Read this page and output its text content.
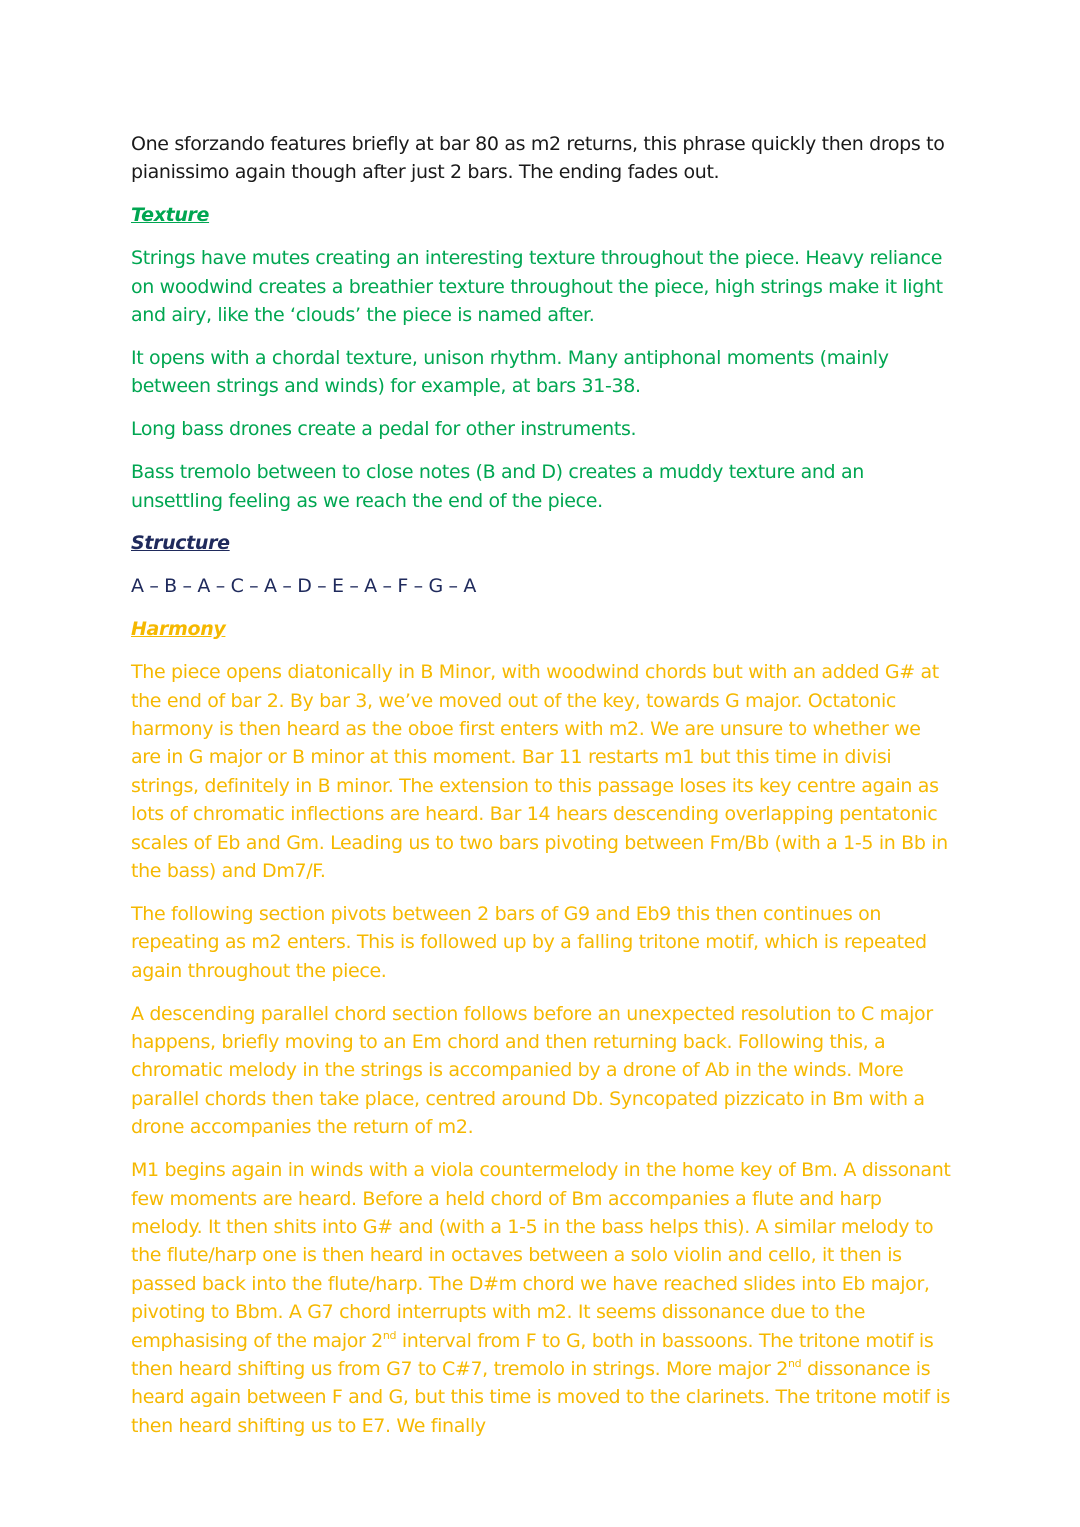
One sforzando features briefly at bar 80 as m2 returns, this phrase quickly then drops to pianissimo again though after just 2 bars. The ending fades out.

Texture

Strings have mutes creating an interesting texture throughout the piece. Heavy reliance on woodwind creates a breathier texture throughout the piece, high strings make it light and airy, like the ‘clouds’ the piece is named after.

It opens with a chordal texture, unison rhythm. Many antiphonal moments (mainly between strings and winds) for example, at bars 31-38.

Long bass drones create a pedal for other instruments.

Bass tremolo between to close notes (B and D) creates a muddy texture and an unsettling feeling as we reach the end of the piece.

Structure

A – B – A – C – A – D – E – A – F – G – A

Harmony

The piece opens diatonically in B Minor, with woodwind chords but with an added G# at the end of bar 2. By bar 3, we’ve moved out of the key, towards G major. Octatonic harmony is then heard as the oboe first enters with m2. We are unsure to whether we are in G major or B minor at this moment. Bar 11 restarts m1 but this time in divisi strings, definitely in B minor. The extension to this passage loses its key centre again as lots of chromatic inflections are heard. Bar 14 hears descending overlapping pentatonic scales of Eb and Gm. Leading us to two bars pivoting between Fm/Bb (with a 1-5 in Bb in the bass) and Dm7/F.

The following section pivots between 2 bars of G9 and Eb9 this then continues on repeating as m2 enters. This is followed up by a falling tritone motif, which is repeated again throughout the piece.

A descending parallel chord section follows before an unexpected resolution to C major happens, briefly moving to an Em chord and then returning back. Following this, a chromatic melody in the strings is accompanied by a drone of Ab in the winds. More parallel chords then take place, centred around Db. Syncopated pizzicato in Bm with a drone accompanies the return of m2.

M1 begins again in winds with a viola countermelody in the home key of Bm. A dissonant few moments are heard. Before a held chord of Bm accompanies a flute and harp melody. It then shits into G# and (with a 1-5 in the bass helps this). A similar melody to the flute/harp one is then heard in octaves between a solo violin and cello, it then is passed back into the flute/harp. The D#m chord we have reached slides into Eb major, pivoting to Bbm. A G7 chord interrupts with m2. It seems dissonance due to the emphasising of the major 2nd interval from F to G, both in bassoons. The tritone motif is then heard shifting us from G7 to C#7, tremolo in strings. More major 2nd dissonance is heard again between F and G, but this time is moved to the clarinets. The tritone motif is then heard shifting us to E7. We finally
